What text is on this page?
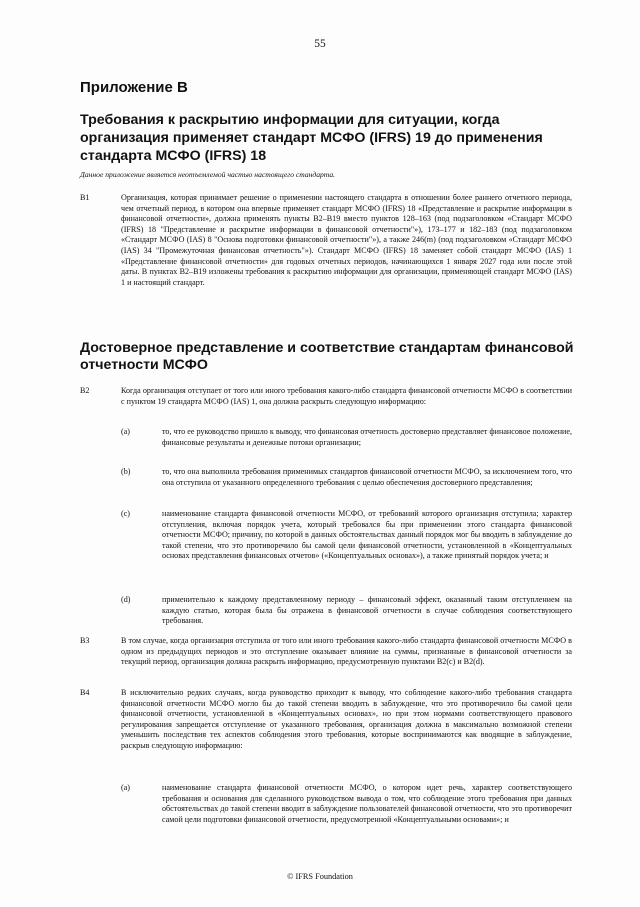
55
Приложение B
Требования к раскрытию информации для ситуации, когда организация применяет стандарт МСФО (IFRS) 19 до применения стандарта МСФО (IFRS) 18

Данное приложение является неотъемлемой частью настоящего стандарта.

B1	Организация, которая принимает решение о применении настоящего стандарта в отношении более раннего отчетного периода, чем отчетный период, в котором она впервые применяет стандарт МСФО (IFRS) 18 «Представление и раскрытие информации в финансовой отчетности», должна применять пункты B2–B19 вместо пунктов 128–163 (под подзаголовком «Стандарт МСФО (IFRS) 18 "Представление и раскрытие информации в финансовой отчетности"»), 173–177 и 182–183 (под подзаголовком «Стандарт МСФО (IAS) 8 "Основа подготовки финансовой отчетности"»), а также 246(m) (под подзаголовком «Стандарт МСФО (IAS) 34 "Промежуточная финансовая отчетность"»). Стандарт МСФО (IFRS) 18 заменяет собой стандарт МСФО (IAS) 1 «Представление финансовой отчетности» для годовых отчетных периодов, начинающихся 1 января 2027 года или после этой даты. В пунктах B2–B19 изложены требования к раскрытию информации для организации, применяющей стандарт МСФО (IAS) 1 и настоящий стандарт.
Достоверное представление и соответствие стандартам финансовой отчетности МСФО
B2	Когда организация отступает от того или иного требования какого-либо стандарта финансовой отчетности МСФО в соответствии с пунктом 19 стандарта МСФО (IAS) 1, она должна раскрыть следующую информацию:
(a)	то, что ее руководство пришло к выводу, что финансовая отчетность достоверно представляет финансовое положение, финансовые результаты и денежные потоки организации;
(b)	то, что она выполнила требования применимых стандартов финансовой отчетности МСФО, за исключением того, что она отступила от указанного определенного требования с целью обеспечения достоверного представления;
(c)	наименование стандарта финансовой отчетности МСФО, от требований которого организация отступила; характер отступления, включая порядок учета, который требовался бы при применении этого стандарта финансовой отчетности МСФО; причину, по которой в данных обстоятельствах данный порядок мог бы вводить в заблуждение до такой степени, что это противоречило бы самой цели финансовой отчетности, установленной в «Концептуальных основах представления финансовых отчетов» («Концептуальных основах»), а также принятый порядок учета; и
(d)	применительно к каждому представленному периоду – финансовый эффект, оказанный таким отступлением на каждую статью, которая была бы отражена в финансовой отчетности в случае соблюдения соответствующего требования.
B3	В том случае, когда организация отступила от того или иного требования какого-либо стандарта финансовой отчетности МСФО в одном из предыдущих периодов и это отступление оказывает влияние на суммы, признанные в финансовой отчетности за текущий период, организация должна раскрыть информацию, предусмотренную пунктами B2(c) и B2(d).
B4	В исключительно редких случаях, когда руководство приходит к выводу, что соблюдение какого-либо требования стандарта финансовой отчетности МСФО могло бы до такой степени вводить в заблуждение, что это противоречило бы самой цели финансовой отчетности, установленной в «Концептуальных основах», но при этом нормами соответствующего правового регулирования запрещается отступление от указанного требования, организация должна в максимально возможной степени уменьшить последствия тех аспектов соблюдения этого требования, которые воспринимаются как вводящие в заблуждение, раскрыв следующую информацию:
(a)	наименование стандарта финансовой отчетности МСФО, о котором идет речь, характер соответствующего требования и основания для сделанного руководством вывода о том, что соблюдение этого требования при данных обстоятельствах до такой степени вводит в заблуждение пользователей финансовой отчетности, что это противоречит самой цели подготовки финансовой отчетности, предусмотренной «Концептуальными основами»; и
© IFRS Foundation
